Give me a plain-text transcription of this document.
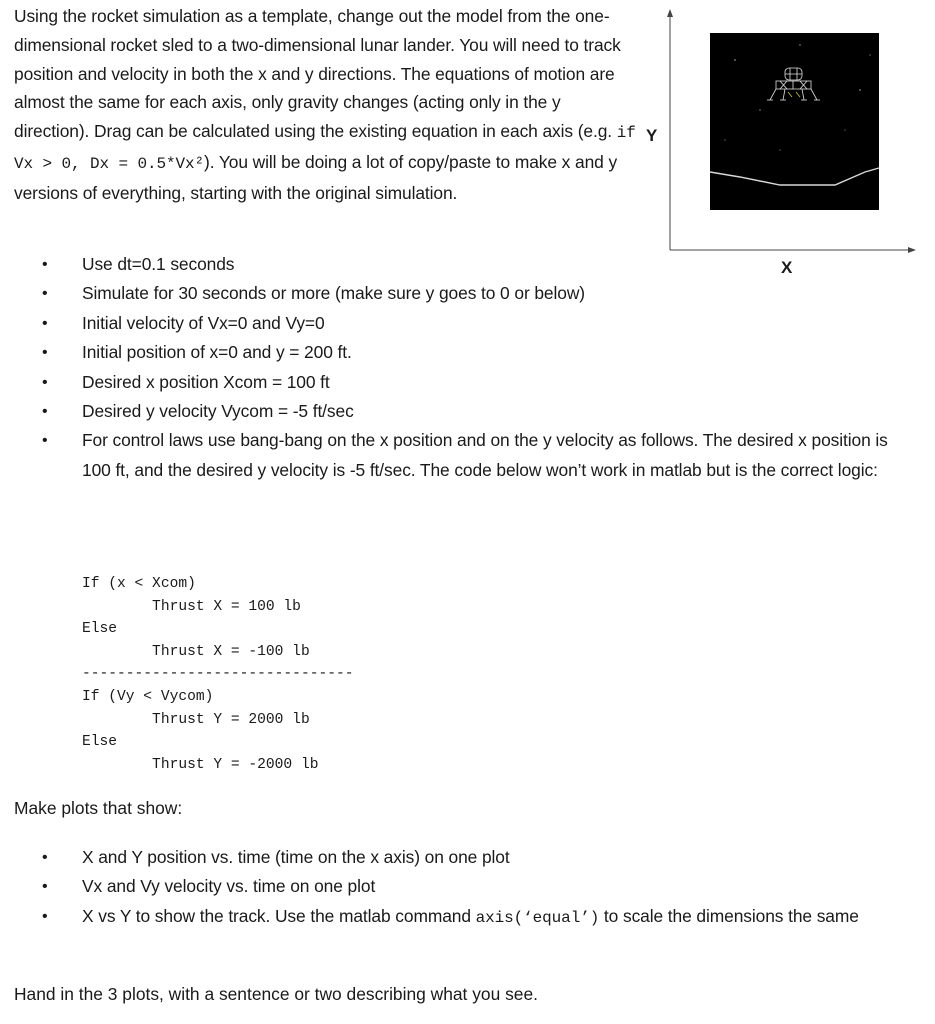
Using the rocket simulation as a template, change out the model from the one-dimensional rocket sled to a two-dimensional lunar lander. You will need to track position and velocity in both the x and y directions. The equations of motion are almost the same for each axis, only gravity changes (acting only in the y direction). Drag can be calculated using the existing equation in each axis (e.g. if Vx > 0, Dx = 0.5*Vx²). You will be doing a lot of copy/paste to make x and y versions of everything, starting with the original simulation.

Y
X
• Use dt=0.1 seconds
• Simulate for 30 seconds or more (make sure y goes to 0 or below)
• Initial velocity of Vx=0 and Vy=0
• Initial position of x=0 and y = 200 ft.
• Desired x position Xcom = 100 ft
• Desired y velocity Vycom = -5 ft/sec
• For control laws use bang-bang on the x position and on the y velocity as follows. The desired x position is 100 ft, and the desired y velocity is -5 ft/sec. The code below won’t work in matlab but is the correct logic:
If (x < Xcom)
Thrust X = 100 lb
Else
Thrust X = -100 lb
-------------------------------
If (Vy < Vycom)
Thrust Y = 2000 lb
Else
Thrust Y = -2000 lb

Make plots that show:

• X and Y position vs. time (time on the x axis) on one plot
• Vx and Vy velocity vs. time on one plot
• X vs Y to show the track. Use the matlab command axis(‘equal’) to scale the dimensions the same

Hand in the 3 plots, with a sentence or two describing what you see.
